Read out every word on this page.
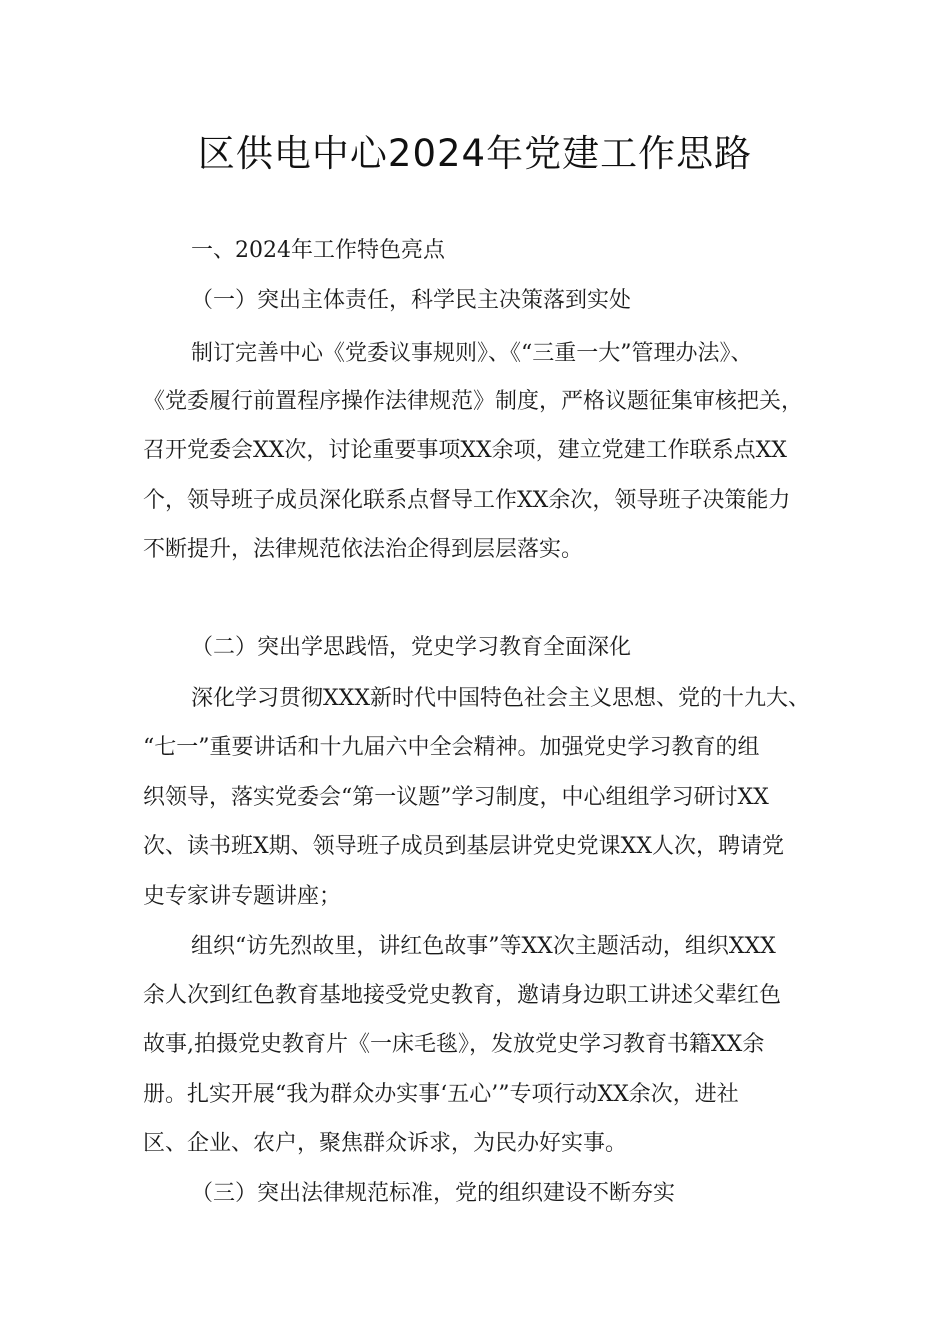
区供电中心2024年党建工作思路

一、2024年工作特色亮点

（一）突出主体责任，科学民主决策落到实处

制订完善中心《党委议事规则》、《“三重一大”管理办法》、

《党委履行前置程序操作法律规范》制度，严格议题征集审核把关，

召开党委会XX次，讨论重要事项XX余项，建立党建工作联系点XX

个，领导班子成员深化联系点督导工作XX余次，领导班子决策能力

不断提升，法律规范依法治企得到层层落实。

（二）突出学思践悟，党史学习教育全面深化

深化学习贯彻XXX新时代中国特色社会主义思想、党的十九大、

“七一”重要讲话和十九届六中全会精神。加强党史学习教育的组

织领导，落实党委会“第一议题”学习制度，中心组组学习研讨XX

次、读书班X期、领导班子成员到基层讲党史党课XX人次，聘请党

史专家讲专题讲座；

组织“访先烈故里，讲红色故事”等XX次主题活动，组织XXX

余人次到红色教育基地接受党史教育，邀请身边职工讲述父辈红色

故事,拍摄党史教育片《一床毛毯》，发放党史学习教育书籍XX余

册。扎实开展“我为群众办实事‘五心’”专项行动XX余次，进社

区、企业、农户，聚焦群众诉求，为民办好实事。

（三）突出法律规范标准，党的组织建设不断夯实
